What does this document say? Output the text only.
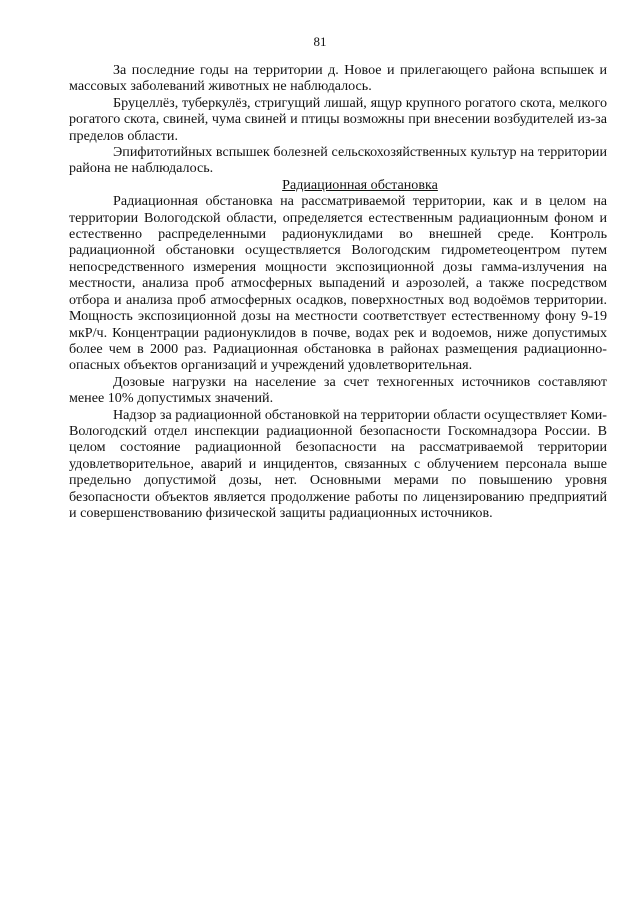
81

За последние годы на территории д. Новое и прилегающего района вспышек и массовых заболеваний животных не наблюдалось.

Бруцеллёз, туберкулёз, стригущий лишай, ящур крупного рогатого скота, мелкого рогатого скота, свиней, чума свиней и птицы возможны при внесении возбудителей из-за пределов области.

Эпифитотийных вспышек болезней сельскохозяйственных культур на территории района не наблюдалось.

Радиационная обстановка

Радиационная обстановка на рассматриваемой территории, как и в целом на территории Вологодской области, определяется естественным радиационным фоном и естественно распределенными радионуклидами во внешней среде. Контроль радиационной обстановки осуществляется Вологодским гидрометеоцентром путем непосредственного измерения мощности экспозиционной дозы гамма-излучения на местности, анализа проб атмосферных выпадений и аэрозолей, а также посредством отбора и анализа проб атмосферных осадков, поверхностных вод водоёмов территории. Мощность экспозиционной дозы на местности соответствует естественному фону 9-19 мкР/ч. Концентрации радионуклидов в почве, водах рек и водоемов, ниже допустимых более чем в 2000 раз. Радиационная обстановка в районах размещения радиационно-опасных объектов организаций и учреждений удовлетворительная.

Дозовые нагрузки на население за счет техногенных источников составляют менее 10% допустимых значений.

Надзор за радиационной обстановкой на территории области осуществляет Коми-Вологодский отдел инспекции радиационной безопасности Госкомнадзора России. В целом состояние радиационной безопасности на рассматриваемой территории удовлетворительное, аварий и инцидентов, связанных с облучением персонала выше предельно допустимой дозы, нет. Основными мерами по повышению уровня безопасности объектов является продолжение работы по лицензированию предприятий и совершенствованию физической защиты радиационных источников.
